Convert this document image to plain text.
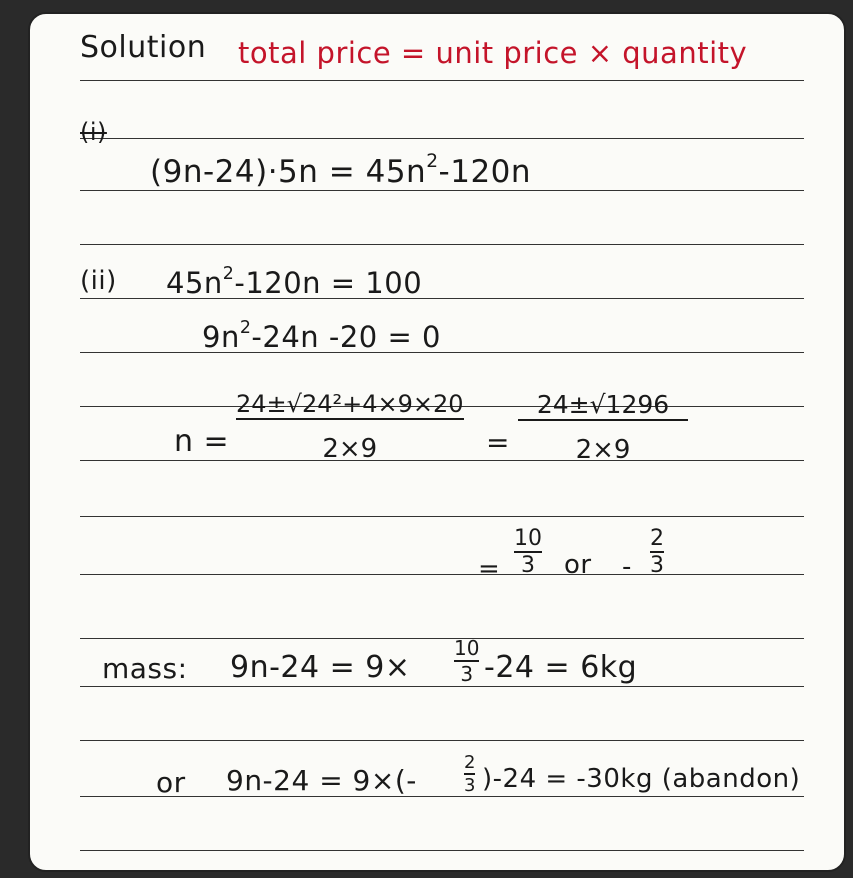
Solution total price = unit price × quantity
(i)
$(9n-24)\cdot 5n = 45n^2-120n$
(ii) $45n^2-120n = 100$
$9n^2-24n$ -20 = 0
n =
24±√24²+4×9×20
2×9	=
24±√1296
2×9
=
10
3 or -
2
3
mass: 9n-24 = 9×
10
3 -24 = 6kg
or 9n-24 = 9×(-
2
3 )-24 = -30kg (abandon)
